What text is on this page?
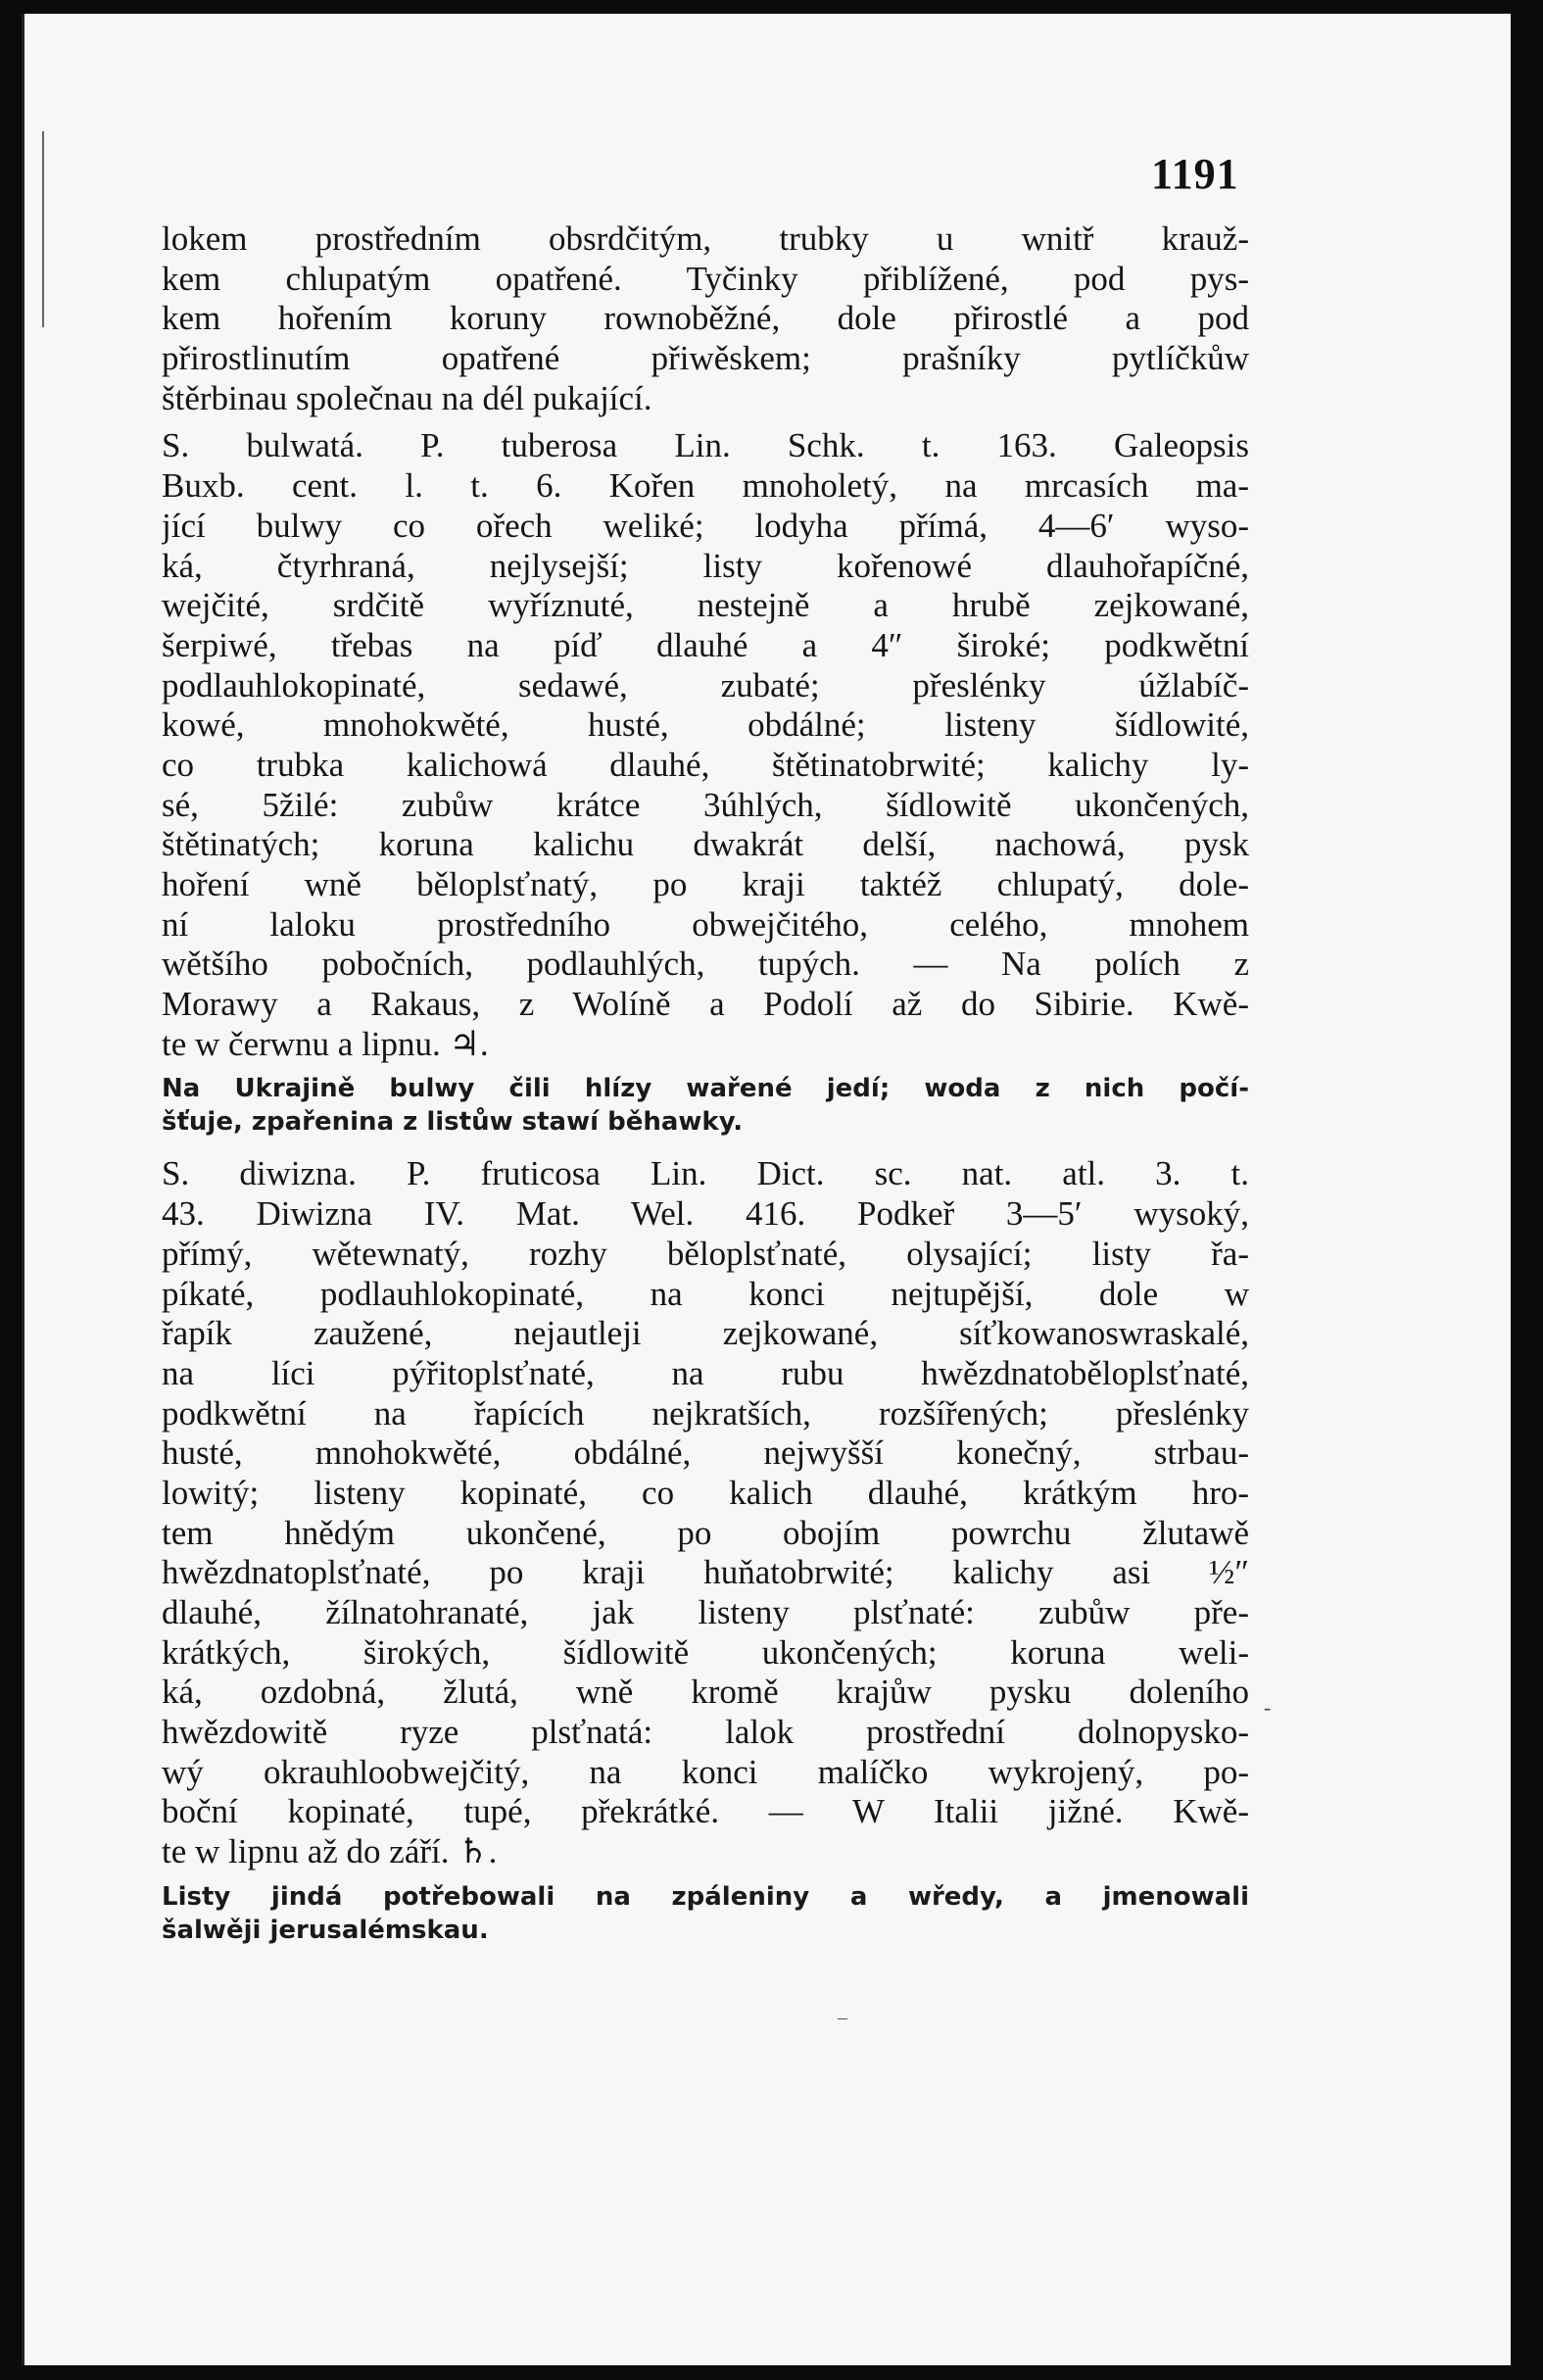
1191
lokem prostředním obsrdčitým, trubky u wnitř krauž-
kem chlupatým opatřené. Tyčinky přiblížené, pod pys-
kem hořením koruny rownoběžné, dole přirostlé a pod
přirostlinutím opatřené přiwěskem; prašníky pytlíčkůw
štěrbinau společnau na dél pukající.
S. bulwatá. P. tuberosa Lin. Schk. t. 163. Galeopsis
Buxb. cent. l. t. 6. Kořen mnoholetý, na mrcasích ma-
jící bulwy co ořech weliké; lodyha přímá, 4—6′ wyso-
ká, čtyrhraná, nejlysejší; listy kořenowé dlauhořapíčné,
wejčité, srdčitě wyříznuté, nestejně a hrubě zejkowané,
šerpiwé, třebas na píď dlauhé a 4″ široké; podkwětní
podlauhlokopinaté, sedawé, zubaté; přeslénky úžlabíč-
kowé, mnohokwěté, husté, obdálné; listeny šídlowité,
co trubka kalichowá dlauhé, štětinatobrwité; kalichy ly-
sé, 5žilé: zubůw krátce 3úhlých, šídlowitě ukončených,
štětinatých; koruna kalichu dwakrát delší, nachowá, pysk
hoření wně běloplsťnatý, po kraji taktéž chlupatý, dole-
ní laloku prostředního obwejčitého, celého, mnohem
wětšího pobočních, podlauhlých, tupých. — Na polích z
Morawy a Rakaus, z Wolíně a Podolí až do Sibirie. Kwě-
te w čerwnu a lipnu. ♃.
Na Ukrajině bulwy čili hlízy wařené jedí; woda z nich počí-
šťuje, zpařenina z listůw stawí běhawky.
S. diwizna. P. fruticosa Lin. Dict. sc. nat. atl. 3. t.
43. Diwizna IV. Mat. Wel. 416. Podkeř 3—5′ wysoký,
přímý, wětewnatý, rozhy běloplsťnaté, olysající; listy řa-
píkaté, podlauhlokopinaté, na konci nejtupější, dole w
řapík zaužené, nejautleji zejkowané, síťkowanoswraskalé,
na líci pýřitoplsťnaté, na rubu hwězdnatoběloplsťnaté,
podkwětní na řapících nejkratších, rozšířených; přeslénky
husté, mnohokwěté, obdálné, nejwyšší konečný, strbau-
lowitý; listeny kopinaté, co kalich dlauhé, krátkým hro-
tem hnědým ukončené, po obojím powrchu žlutawě
hwězdnatoplsťnaté, po kraji huňatobrwité; kalichy asi ½″
dlauhé, žílnatohranaté, jak listeny plsťnaté: zubůw pře-
krátkých, širokých, šídlowitě ukončených; koruna weli-
ká, ozdobná, žlutá, wně kromě krajůw pysku doleního
hwězdowitě ryze plsťnatá: lalok prostřední dolnopysko-
wý okrauhloobwejčitý, na konci malíčko wykrojený, po-
boční kopinaté, tupé, překrátké. — W Italii jižné. Kwě-
te w lipnu až do září. ♄.
Listy jindá potřebowali na zpáleniny a wředy, a jmenowali
šalwěji jerusalémskau.
-
–
